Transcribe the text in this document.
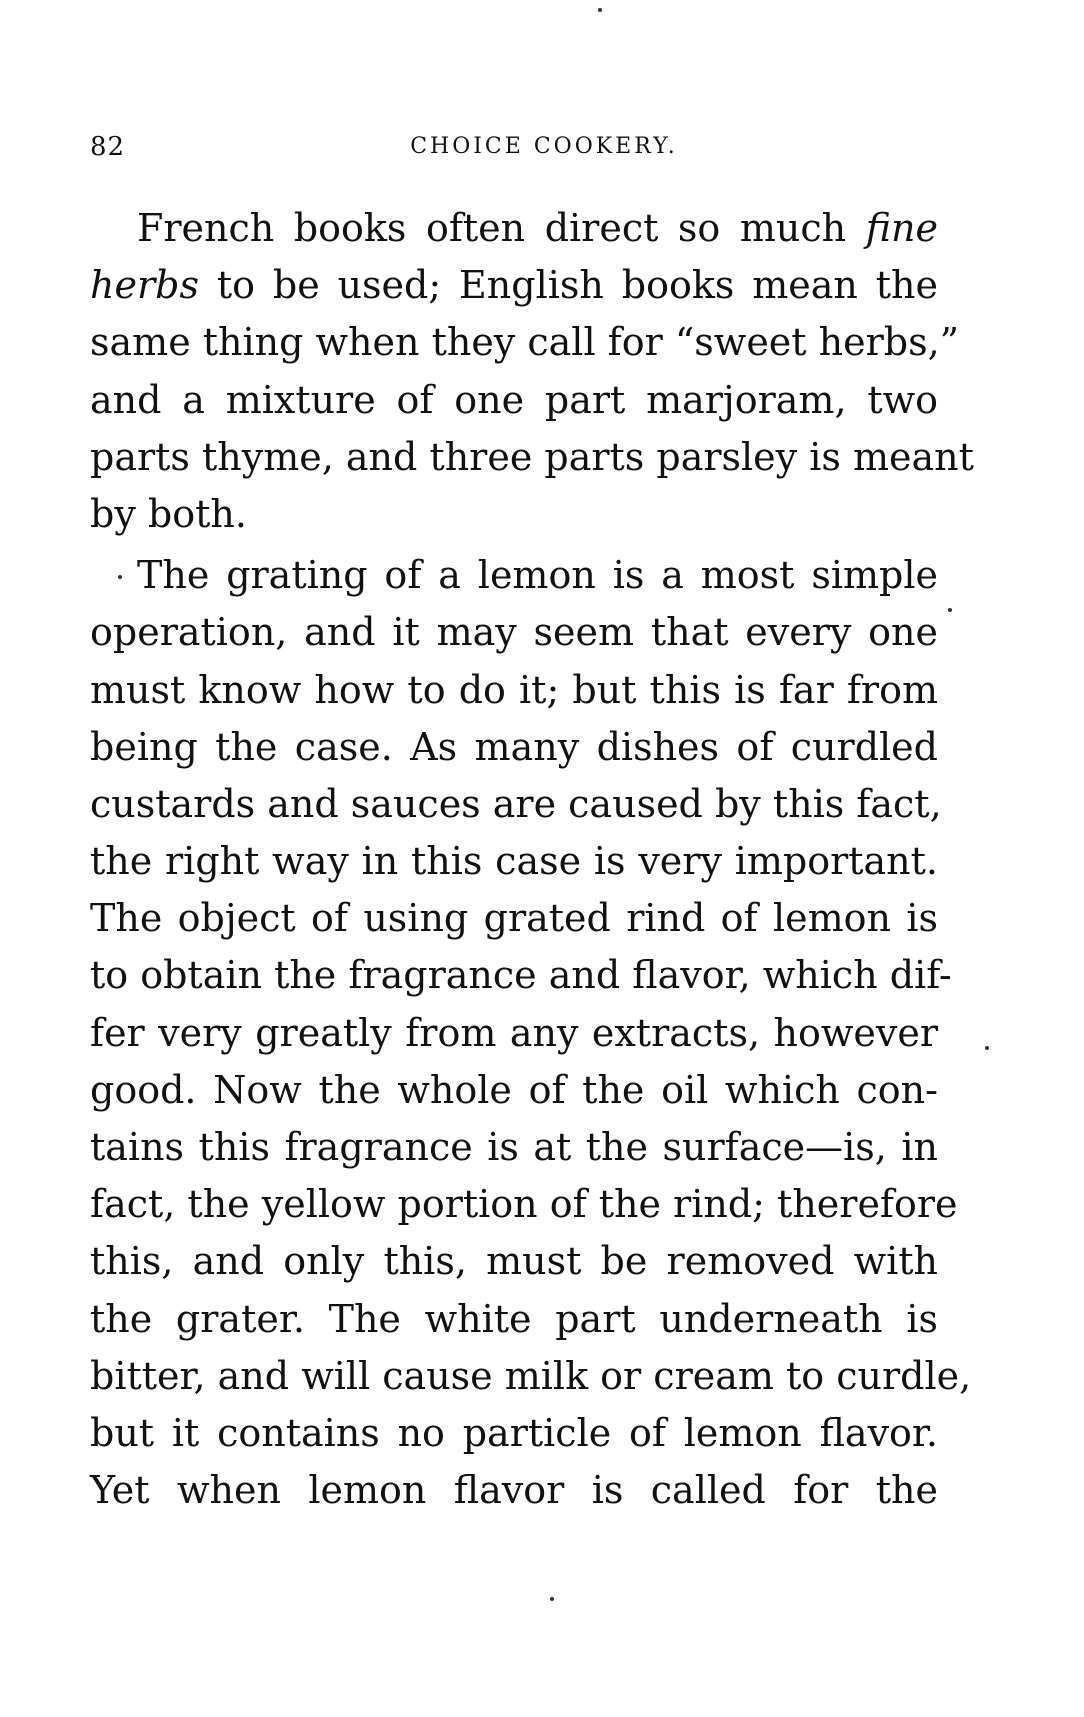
82	CHOICE COOKERY.
French books often direct so much fine
herbs to be used; English books mean the
same thing when they call for “sweet herbs,”
and a mixture of one part marjoram, two
parts thyme, and three parts parsley is meant
by both.
The grating of a lemon is a most simple
operation, and it may seem that every one
must know how to do it; but this is far from
being the case. As many dishes of curdled
custards and sauces are caused by this fact,
the right way in this case is very important.
The object of using grated rind of lemon is
to obtain the fragrance and flavor, which dif-
fer very greatly from any extracts, however
good. Now the whole of the oil which con-
tains this fragrance is at the surface—is, in
fact, the yellow portion of the rind; therefore
this, and only this, must be removed with
the grater. The white part underneath is
bitter, and will cause milk or cream to curdle,
but it contains no particle of lemon flavor.
Yet when lemon flavor is called for the
